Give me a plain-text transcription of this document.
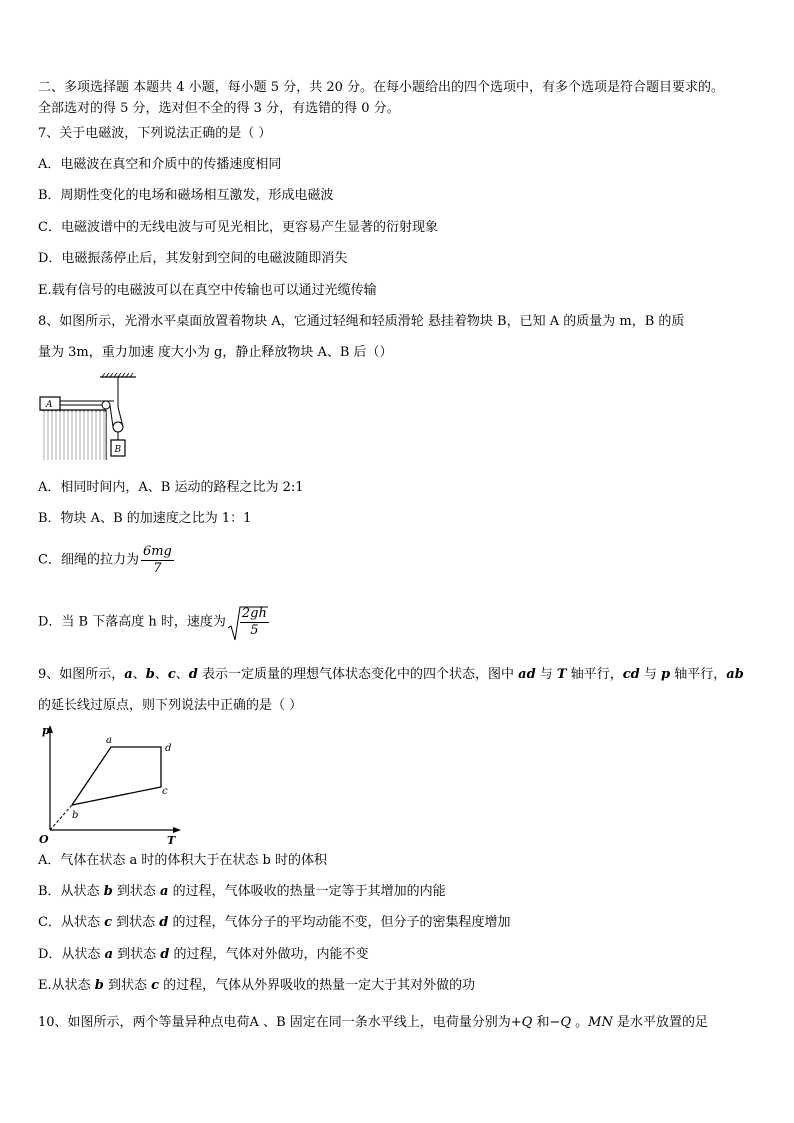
二、多项选择题 本题共 4 小题，每小题 5 分，共 20 分。在每小题给出的四个选项中，有多个选项是符合题目要求的。
全部选对的得 5 分，选对但不全的得 3 分，有选错的得 0 分。
7、关于电磁波，下列说法正确的是（ ）
A．电磁波在真空和介质中的传播速度相同
B．周期性变化的电场和磁场相互激发，形成电磁波
C．电磁波谱中的无线电波与可见光相比，更容易产生显著的衍射现象
D．电磁振荡停止后，其发射到空间的电磁波随即消失
E.载有信号的电磁波可以在真空中传输也可以通过光缆传输
8、如图所示，光滑水平桌面放置着物块 A，它通过轻绳和轻质滑轮 悬挂着物块 B，已知 A 的质量为 m，B 的质
量为 3m，重力加速 度大小为 g，静止释放物块 A、B 后（）
A
B
A．相同时间内，A、B 运动的路程之比为 2:1
B．物块 A、B 的加速度之比为 1：1
C．细绳的拉力为 $\frac{6mg}{7}$
D．当 B 下落高度 h 时，速度为 $\frac{2gh}{5}$
9、如图所示，a、b、c、d 表示一定质量的理想气体状态变化中的四个状态，图中 ad 与 T 轴平行，cd 与 p 轴平行，ab
的延长线过原点，则下列说法中正确的是（ ）
p
T
O
a
b
c
d
A．气体在状态 a 时的体积大于在状态 b 时的体积
B．从状态 b 到状态 a 的过程，气体吸收的热量一定等于其增加的内能
C．从状态 c 到状态 d 的过程，气体分子的平均动能不变，但分子的密集程度增加
D．从状态 a 到状态 d 的过程，气体对外做功，内能不变
E.从状态 b 到状态 c 的过程，气体从外界吸收的热量一定大于其对外做的功
10、如图所示，两个等量异种点电荷A 、B 固定在同一条水平线上，电荷量分别为+Q 和−Q 。MN 是水平放置的足
